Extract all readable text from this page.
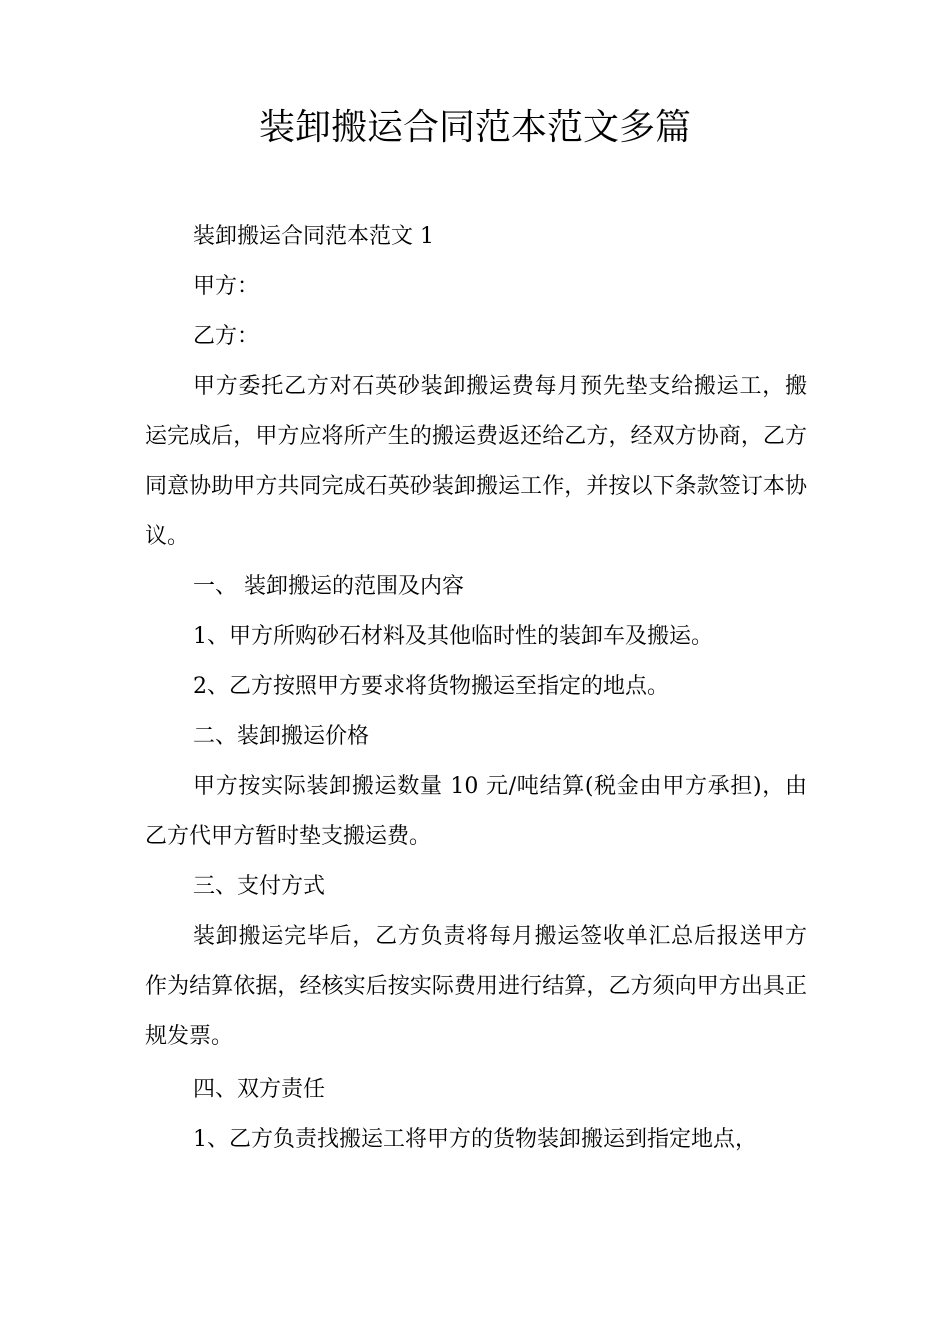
装卸搬运合同范本范文多篇

装卸搬运合同范本范文 1

甲方：

乙方：

甲方委托乙方对石英砂装卸搬运费每月预先垫支给搬运工，搬运完成后，甲方应将所产生的搬运费返还给乙方，经双方协商，乙方同意协助甲方共同完成石英砂装卸搬运工作，并按以下条款签订本协议。

一、 装卸搬运的范围及内容

1、甲方所购砂石材料及其他临时性的装卸车及搬运。

2、乙方按照甲方要求将货物搬运至指定的地点。

二、装卸搬运价格

甲方按实际装卸搬运数量 10 元/吨结算(税金由甲方承担)，由乙方代甲方暂时垫支搬运费。

三、支付方式

装卸搬运完毕后，乙方负责将每月搬运签收单汇总后报送甲方作为结算依据，经核实后按实际费用进行结算，乙方须向甲方出具正规发票。

四、双方责任

1、乙方负责找搬运工将甲方的货物装卸搬运到指定地点，
